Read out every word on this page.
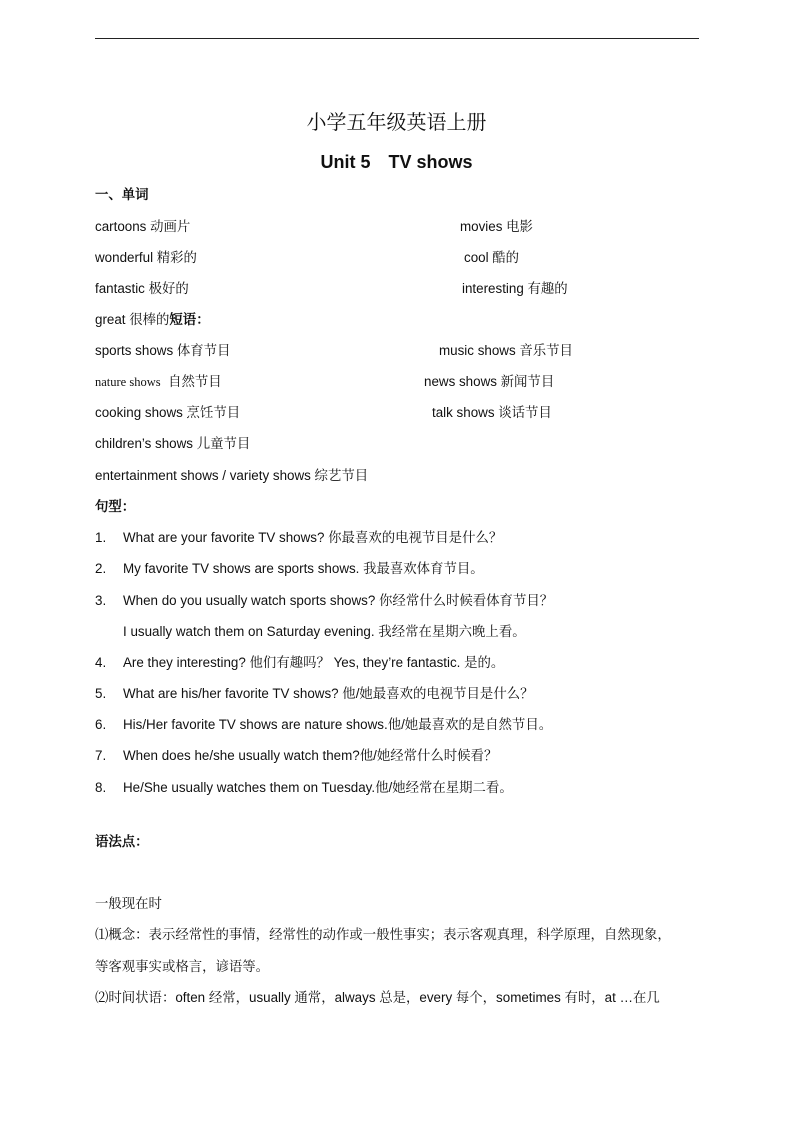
小学五年级英语上册
Unit 5　TV shows
一、单词
cartoons 动画片	movies 电影
wonderful 精彩的	cool 酷的
fantastic 极好的	interesting 有趣的
great 很棒的短语：
sports shows 体育节目	music shows 音乐节目
nature shows 自然节目	news shows 新闻节目
cooking shows 烹饪节目	talk shows 谈话节目
children’s shows 儿童节目
entertainment shows / variety shows 综艺节目
句型：
1. What are your favorite TV shows? 你最喜欢的电视节目是什么？
2. My favorite TV shows are sports shows. 我最喜欢体育节目。
3. When do you usually watch sports shows? 你经常什么时候看体育节目？
I usually watch them on Saturday evening. 我经常在星期六晚上看。
4. Are they interesting? 他们有趣吗？ Yes, they’re fantastic. 是的。
5. What are his/her favorite TV shows? 他/她最喜欢的电视节目是什么？
6. His/Her favorite TV shows are nature shows.他/她最喜欢的是自然节目。
7. When does he/she usually watch them?他/她经常什么时候看？
8. He/She usually watches them on Tuesday.他/她经常在星期二看。
语法点：
一般现在时
⑴概念：表示经常性的事情，经常性的动作或一般性事实；表示客观真理，科学原理，自然现象，
等客观事实或格言，谚语等。
⑵时间状语：often 经常，usually 通常，always 总是，every 每个，sometimes 有时，at …在几
